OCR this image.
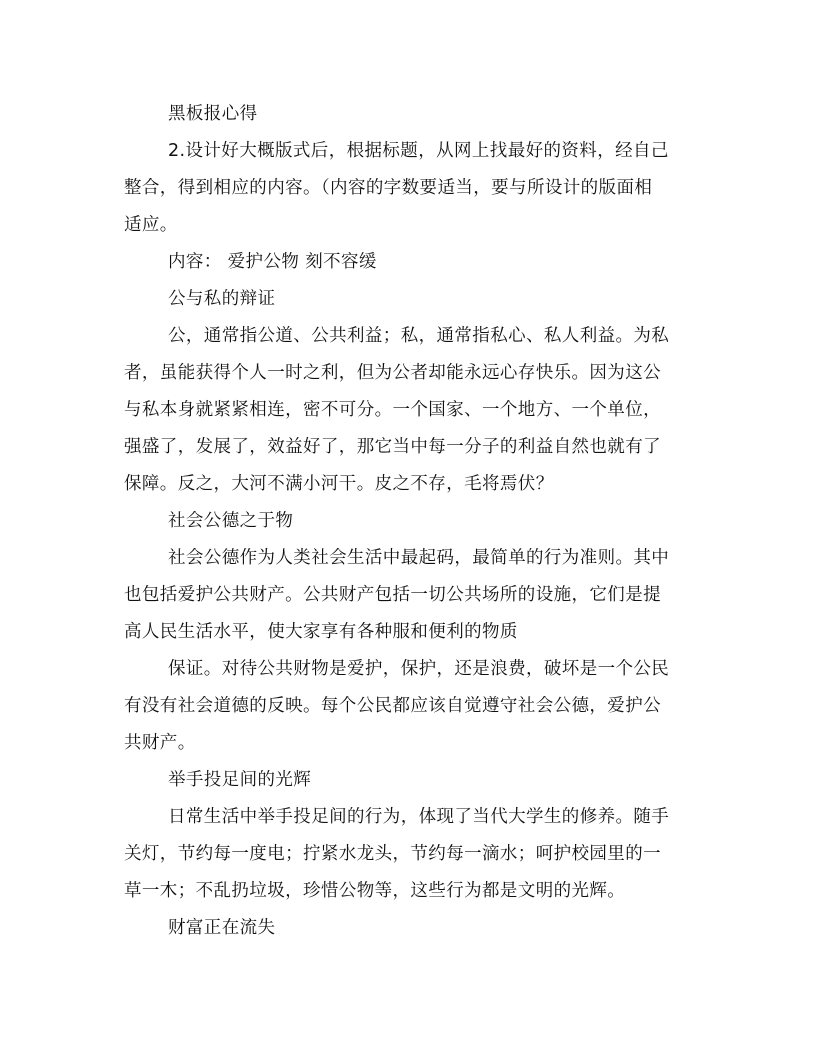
黑板报心得
2.设计好大概版式后，根据标题，从网上找最好的资料，经自己
整合，得到相应的内容。（内容的字数要适当，要与所设计的版面相
适应。
内容： 爱护公物 刻不容缓
公与私的辩证
公，通常指公道、公共利益；私，通常指私心、私人利益。为私
者，虽能获得个人一时之利，但为公者却能永远心存快乐。因为这公
与私本身就紧紧相连，密不可分。一个国家、一个地方、一个单位，
强盛了，发展了，效益好了，那它当中每一分子的利益自然也就有了
保障。反之，大河不满小河干。皮之不存，毛将焉伏？
社会公德之于物
社会公德作为人类社会生活中最起码，最简单的行为准则。其中
也包括爱护公共财产。公共财产包括一切公共场所的设施，它们是提
高人民生活水平，使大家享有各种服和便利的物质
保证。对待公共财物是爱护，保护，还是浪费，破坏是一个公民
有没有社会道德的反映。每个公民都应该自觉遵守社会公德，爱护公
共财产。
举手投足间的光辉
日常生活中举手投足间的行为，体现了当代大学生的修养。随手
关灯，节约每一度电；拧紧水龙头，节约每一滴水；呵护校园里的一
草一木；不乱扔垃圾，珍惜公物等，这些行为都是文明的光辉。
财富正在流失
